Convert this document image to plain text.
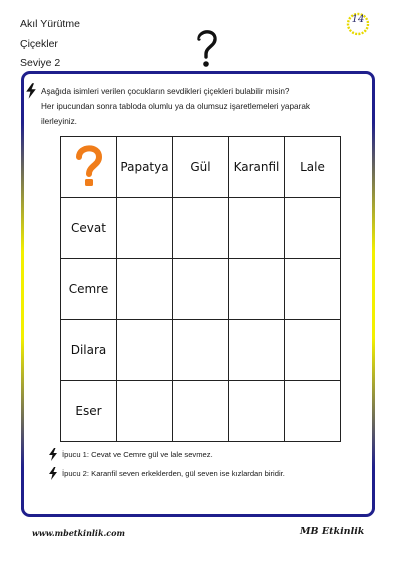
Akıl Yürütme
Çiçekler
Seviye 2
14
Aşağıda isimleri verilen çocukların sevdikleri çiçekleri bulabilir misin?
Her ipucundan sonra tabloda olumlu ya da olumsuz işaretlemeleri yaparak
ilerleyiniz.
	Papatya	Gül	Karanfil	Lale
Cevat				
Cemre				
Dilara				
Eser				
İpucu 1: Cevat ve Cemre gül ve lale sevmez.
İpucu 2: Karanfil seven erkeklerden, gül seven ise kızlardan biridir.
www.mbetkinlik.com	MB Etkinlik
